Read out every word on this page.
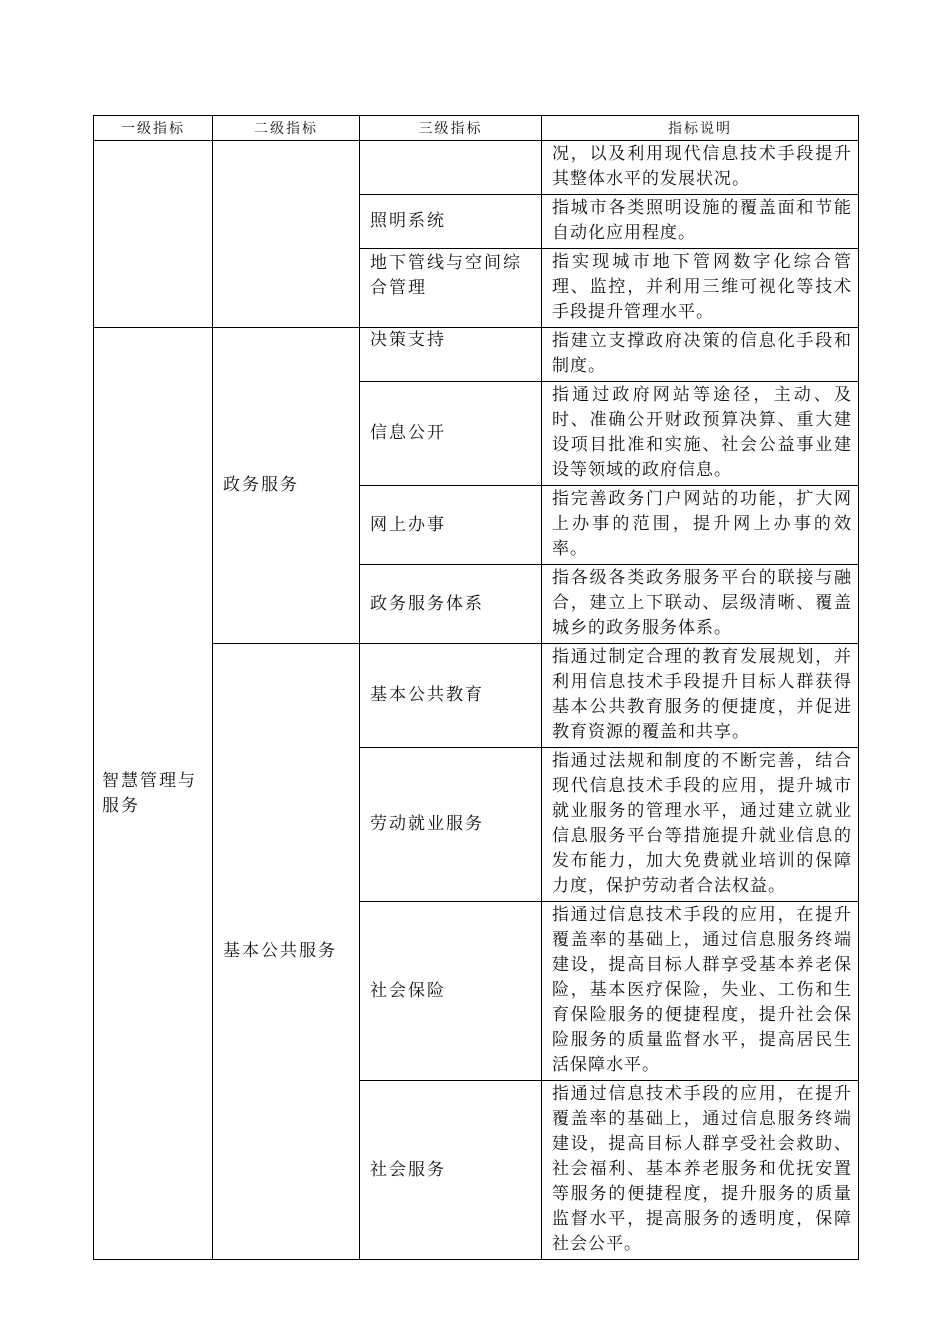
一级指标	二级指标	三级指标	指标说明
			况，以及利用现代信息技术手段提升其整体水平的发展状况。
		照明系统	指城市各类照明设施的覆盖面和节能自动化应用程度。
		地下管线与空间综合管理	指实现城市地下管网数字化综合管理、监控，并利用三维可视化等技术手段提升管理水平。
智慧管理与服务	政务服务	决策支持	指建立支撑政府决策的信息化手段和制度。
		信息公开	指通过政府网站等途径，主动、及时、准确公开财政预算决算、重大建设项目批准和实施、社会公益事业建设等领域的政府信息。
		网上办事	指完善政务门户网站的功能，扩大网上办事的范围，提升网上办事的效率。
		政务服务体系	指各级各类政务服务平台的联接与融合，建立上下联动、层级清晰、覆盖城乡的政务服务体系。
	基本公共服务	基本公共教育	指通过制定合理的教育发展规划，并利用信息技术手段提升目标人群获得基本公共教育服务的便捷度，并促进教育资源的覆盖和共享。
		劳动就业服务	指通过法规和制度的不断完善，结合现代信息技术手段的应用，提升城市就业服务的管理水平，通过建立就业信息服务平台等措施提升就业信息的发布能力，加大免费就业培训的保障力度，保护劳动者合法权益。
		社会保险	指通过信息技术手段的应用，在提升覆盖率的基础上，通过信息服务终端建设，提高目标人群享受基本养老保险，基本医疗保险，失业、工伤和生育保险服务的便捷程度，提升社会保险服务的质量监督水平，提高居民生活保障水平。
		社会服务	指通过信息技术手段的应用，在提升覆盖率的基础上，通过信息服务终端建设，提高目标人群享受社会救助、社会福利、基本养老服务和优抚安置等服务的便捷程度，提升服务的质量监督水平，提高服务的透明度，保障社会公平。
